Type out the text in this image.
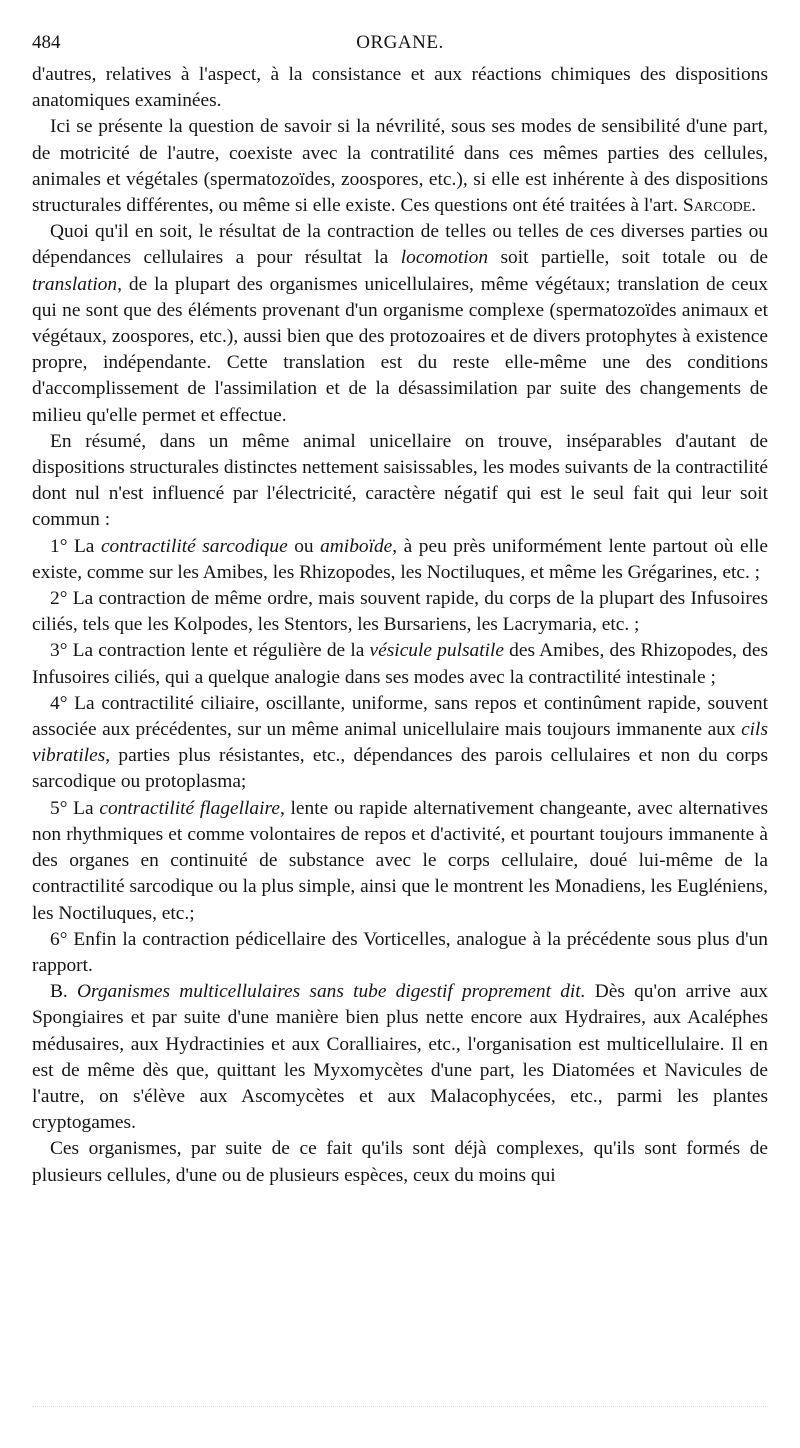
484	ORGANE.

d'autres, relatives à l'aspect, à la consistance et aux réactions chimiques des dispositions anatomiques examinées.

Ici se présente la question de savoir si la névrilité, sous ses modes de sensibilité d'une part, de motricité de l'autre, coexiste avec la contratilité dans ces mêmes parties des cellules, animales et végétales (spermatozoïdes, zoospores, etc.), si elle est inhérente à des dispositions structurales différentes, ou même si elle existe. Ces questions ont été traitées à l'art. Sarcode.

Quoi qu'il en soit, le résultat de la contraction de telles ou telles de ces diverses parties ou dépendances cellulaires a pour résultat la locomotion soit partielle, soit totale ou de translation, de la plupart des organismes unicellulaires, même végétaux; translation de ceux qui ne sont que des éléments provenant d'un organisme complexe (spermatozoïdes animaux et végétaux, zoospores, etc.), aussi bien que des protozoaires et de divers protophytes à existence propre, indépendante. Cette translation est du reste elle-même une des conditions d'accomplissement de l'assimilation et de la désassimilation par suite des changements de milieu qu'elle permet et effectue.

En résumé, dans un même animal unicellaire on trouve, inséparables d'autant de dispositions structurales distinctes nettement saisissables, les modes suivants de la contractilité dont nul n'est influencé par l'électricité, caractère négatif qui est le seul fait qui leur soit commun :

1° La contractilité sarcodique ou amiboïde, à peu près uniformément lente partout où elle existe, comme sur les Amibes, les Rhizopodes, les Noctiluques, et même les Grégarines, etc. ;

2° La contraction de même ordre, mais souvent rapide, du corps de la plupart des Infusoires ciliés, tels que les Kolpodes, les Stentors, les Bursariens, les Lacrymaria, etc. ;

3° La contraction lente et régulière de la vésicule pulsatile des Amibes, des Rhizopodes, des Infusoires ciliés, qui a quelque analogie dans ses modes avec la contractilité intestinale ;

4° La contractilité ciliaire, oscillante, uniforme, sans repos et continûment rapide, souvent associée aux précédentes, sur un même animal unicellulaire mais toujours immanente aux cils vibratiles, parties plus résistantes, etc., dépendances des parois cellulaires et non du corps sarcodique ou protoplasma;

5° La contractilité flagellaire, lente ou rapide alternativement changeante, avec alternatives non rhythmiques et comme volontaires de repos et d'activité, et pourtant toujours immanente à des organes en continuité de substance avec le corps cellulaire, doué lui-même de la contractilité sarcodique ou la plus simple, ainsi que le montrent les Monadiens, les Eugléniens, les Noctiluques, etc.;

6° Enfin la contraction pédicellaire des Vorticelles, analogue à la précédente sous plus d'un rapport.

B. Organismes multicellulaires sans tube digestif proprement dit. Dès qu'on arrive aux Spongiaires et par suite d'une manière bien plus nette encore aux Hydraires, aux Acaléphes médusaires, aux Hydractinies et aux Coralliaires, etc., l'organisation est multicellulaire. Il en est de même dès que, quittant les Myxomycètes d'une part, les Diatomées et Navicules de l'autre, on s'élève aux Ascomycètes et aux Malacophycées, etc., parmi les plantes cryptogames.

Ces organismes, par suite de ce fait qu'ils sont déjà complexes, qu'ils sont formés de plusieurs cellules, d'une ou de plusieurs espèces, ceux du moins qui
